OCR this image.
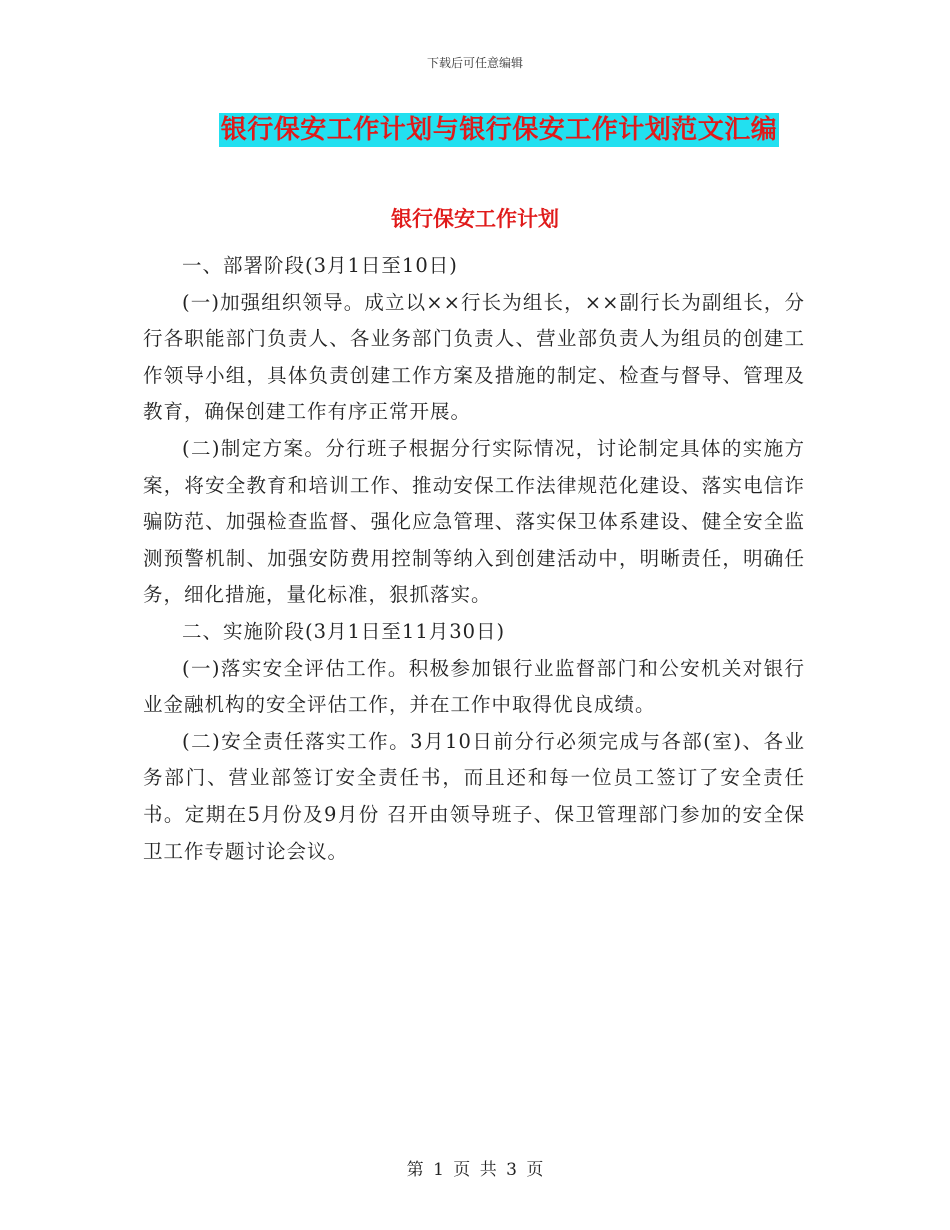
下载后可任意编辑
银行保安工作计划与银行保安工作计划范文汇编
银行保安工作计划

一、部署阶段(3月1日至10日)

(一)加强组织领导。成立以××行长为组长，××副行长为副组长，分行各职能部门负责人、各业务部门负责人、营业部负责人为组员的创建工作领导小组，具体负责创建工作方案及措施的制定、检查与督导、管理及教育，确保创建工作有序正常开展。

(二)制定方案。分行班子根据分行实际情况，讨论制定具体的实施方案，将安全教育和培训工作、推动安保工作法律规范化建设、落实电信诈骗防范、加强检查监督、强化应急管理、落实保卫体系建设、健全安全监测预警机制、加强安防费用控制等纳入到创建活动中，明晰责任，明确任务，细化措施，量化标准，狠抓落实。

二、实施阶段(3月1日至11月30日)

(一)落实安全评估工作。积极参加银行业监督部门和公安机关对银行业金融机构的安全评估工作，并在工作中取得优良成绩。

(二)安全责任落实工作。3月10日前分行必须完成与各部(室)、各业务部门、营业部签订安全责任书，而且还和每一位员工签订了安全责任书。定期在5月份及9月份 召开由领导班子、保卫管理部门参加的安全保卫工作专题讨论会议。

第 1 页 共 3 页
